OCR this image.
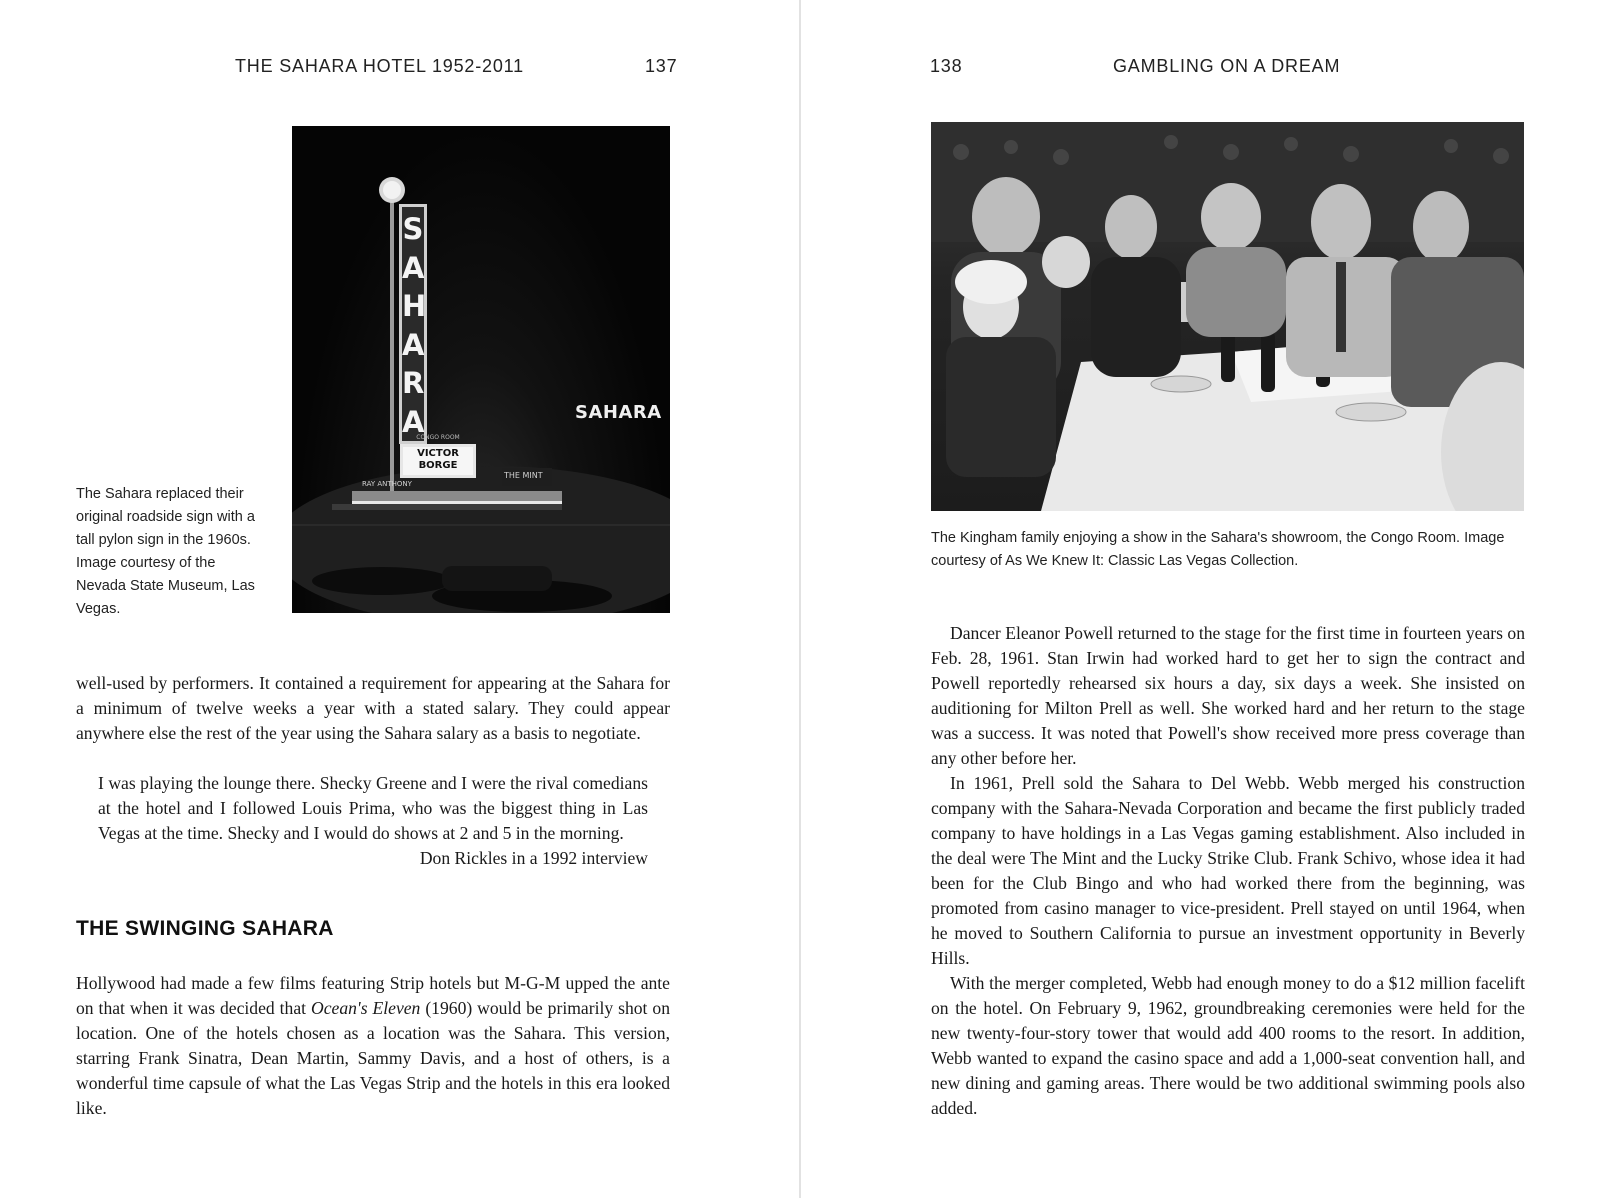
THE SAHARA HOTEL 1952-2011	137
SAHARA
CONGO ROOM
VICTOR
BORGE
SAHARA
THE MINT
RAY ANTHONY
The Sahara replaced their original roadside sign with a tall pylon sign in the 1960s. Image courtesy of the Nevada State Museum, Las Vegas.

well-used by performers. It contained a requirement for appearing at the Sahara for a minimum of twelve weeks a year with a stated salary. They could appear anywhere else the rest of the year using the Sahara salary as a basis to negotiate.

I was playing the lounge there. Shecky Greene and I were the rival comedians at the hotel and I followed Louis Prima, who was the biggest thing in Las Vegas at the time. Shecky and I would do shows at 2 and 5 in the morning.

Don Rickles in a 1992 interview

THE SWINGING SAHARA

Hollywood had made a few films featuring Strip hotels but M-G-M upped the ante on that when it was decided that Ocean's Eleven (1960) would be primarily shot on location. One of the hotels chosen as a location was the Sahara. This version, starring Frank Sinatra, Dean Martin, Sammy Davis, and a host of others, is a wonderful time capsule of what the Las Vegas Strip and the hotels in this era looked like.

138	GAMBLING ON A DREAM
The Kingham family enjoying a show in the Sahara's showroom, the Congo Room. Image courtesy of As We Knew It: Classic Las Vegas Collection.

Dancer Eleanor Powell returned to the stage for the first time in fourteen years on Feb. 28, 1961. Stan Irwin had worked hard to get her to sign the contract and Powell reportedly rehearsed six hours a day, six days a week. She insisted on auditioning for Milton Prell as well. She worked hard and her return to the stage was a success. It was noted that Powell's show received more press coverage than any other before her.

In 1961, Prell sold the Sahara to Del Webb. Webb merged his construction company with the Sahara-Nevada Corporation and became the first publicly traded company to have holdings in a Las Vegas gaming establishment. Also included in the deal were The Mint and the Lucky Strike Club. Frank Schivo, whose idea it had been for the Club Bingo and who had worked there from the beginning, was promoted from casino manager to vice-president. Prell stayed on until 1964, when he moved to Southern California to pursue an investment opportunity in Beverly Hills.

With the merger completed, Webb had enough money to do a $12 million facelift on the hotel. On February 9, 1962, groundbreaking ceremonies were held for the new twenty-four-story tower that would add 400 rooms to the resort. In addition, Webb wanted to expand the casino space and add a 1,000-seat convention hall, and new dining and gaming areas. There would be two additional swimming pools also added.
